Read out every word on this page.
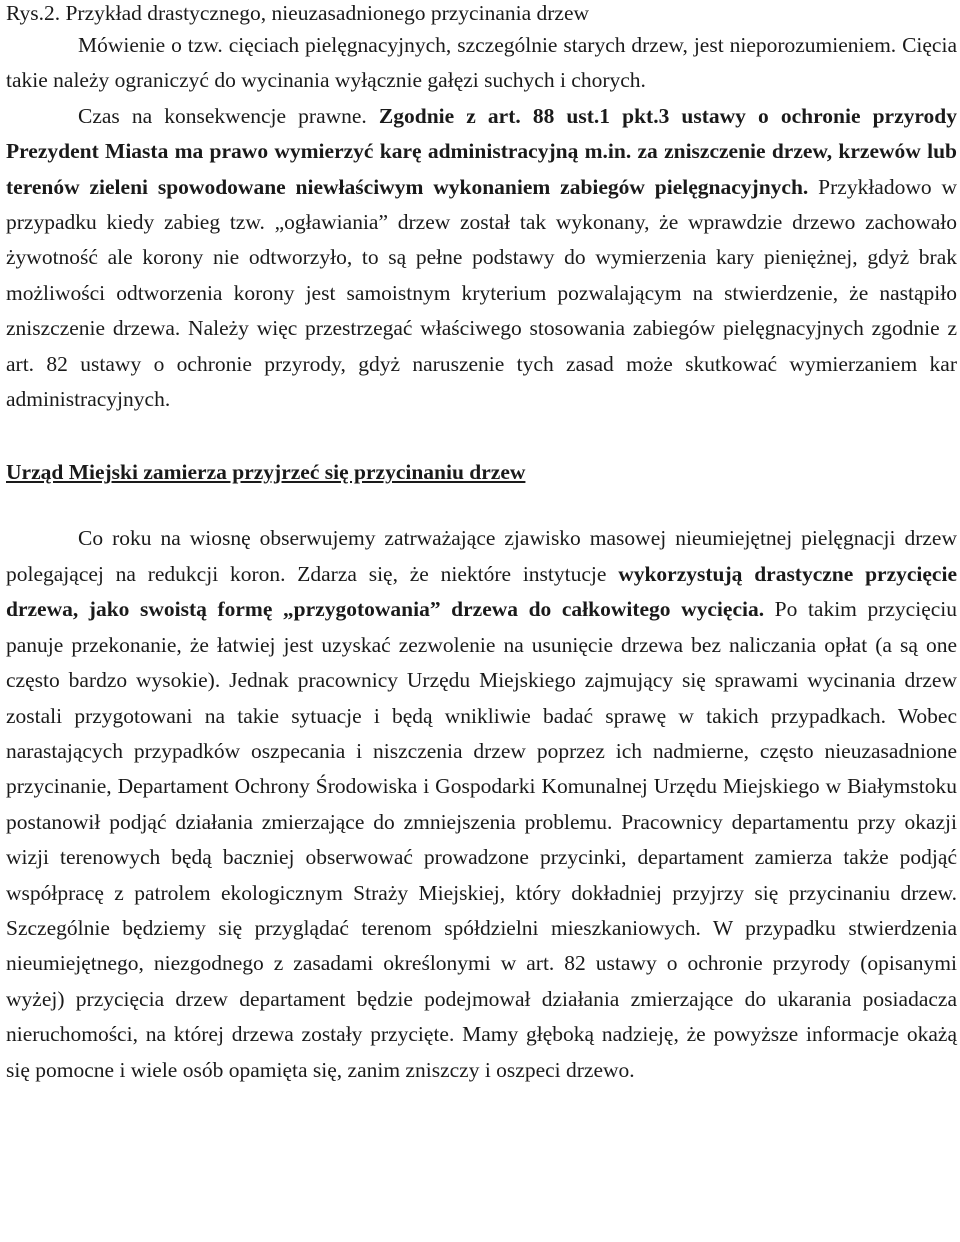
Rys.2. Przykład drastycznego, nieuzasadnionego przycinania drzew

Mówienie o tzw. cięciach pielęgnacyjnych, szczególnie starych drzew, jest nieporozumieniem. Cięcia takie należy ograniczyć do wycinania wyłącznie gałęzi suchych i chorych.
Czas na konsekwencje prawne. Zgodnie z art. 88 ust.1 pkt.3 ustawy o ochronie przyrody Prezydent Miasta ma prawo wymierzyć karę administracyjną m.in. za zniszczenie drzew, krzewów lub terenów zieleni spowodowane niewłaściwym wykonaniem zabiegów pielęgnacyjnych. Przykładowo w przypadku kiedy zabieg tzw. „ogławiania” drzew został tak wykonany, że wprawdzie drzewo zachowało żywotność ale korony nie odtworzyło, to są pełne podstawy do wymierzenia kary pieniężnej, gdyż brak możliwości odtworzenia korony jest samoistnym kryterium pozwalającym na stwierdzenie, że nastąpiło zniszczenie drzewa. Należy więc przestrzegać właściwego stosowania zabiegów pielęgnacyjnych zgodnie z art. 82 ustawy o ochronie przyrody, gdyż naruszenie tych zasad może skutkować wymierzaniem kar administracyjnych.

Urząd Miejski zamierza przyjrzeć się przycinaniu drzew

Co roku na wiosnę obserwujemy zatrważające zjawisko masowej nieumiejętnej pielęgnacji drzew polegającej na redukcji koron. Zdarza się, że niektóre instytucje wykorzystują drastyczne przycięcie drzewa, jako swoistą formę „przygotowania” drzewa do całkowitego wycięcia. Po takim przycięciu panuje przekonanie, że łatwiej jest uzyskać zezwolenie na usunięcie drzewa bez naliczania opłat (a są one często bardzo wysokie). Jednak pracownicy Urzędu Miejskiego zajmujący się sprawami wycinania drzew zostali przygotowani na takie sytuacje i będą wnikliwie badać sprawę w takich przypadkach. Wobec narastających przypadków oszpecania i niszczenia drzew poprzez ich nadmierne, często nieuzasadnione przycinanie, Departament Ochrony Środowiska i Gospodarki Komunalnej Urzędu Miejskiego w Białymstoku postanowił podjąć działania zmierzające do zmniejszenia problemu. Pracownicy departamentu przy okazji wizji terenowych będą baczniej obserwować prowadzone przycinki, departament zamierza także podjąć współpracę z patrolem ekologicznym Straży Miejskiej, który dokładniej przyjrzy się przycinaniu drzew. Szczególnie będziemy się przyglądać terenom spółdzielni mieszkaniowych. W przypadku stwierdzenia nieumiejętnego, niezgodnego z zasadami określonymi w art. 82 ustawy o ochronie przyrody (opisanymi wyżej) przycięcia drzew departament będzie podejmował działania zmierzające do ukarania posiadacza nieruchomości, na której drzewa zostały przycięte. Mamy głęboką nadzieję, że powyższe informacje okażą się pomocne i wiele osób opamięta się, zanim zniszczy i oszpeci drzewo.
